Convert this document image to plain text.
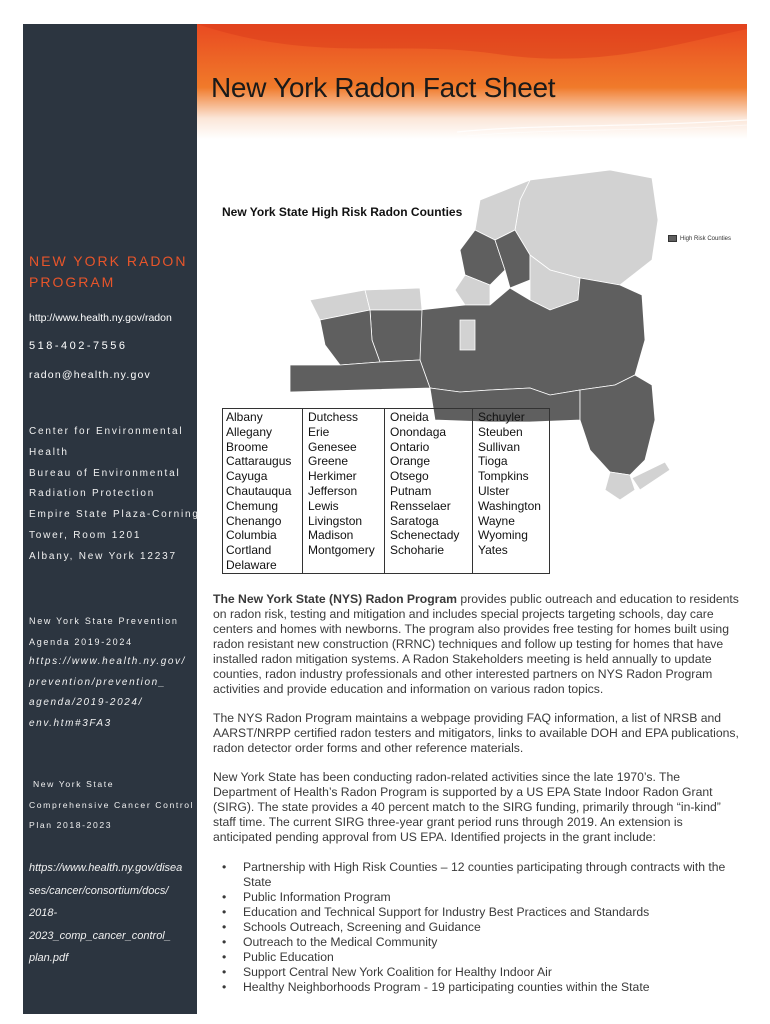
NEW YORK RADON PROGRAM
http://www.health.ny.gov/radon
518-402-7556
radon@health.ny.gov
Center for Environmental
Health
Bureau of Environmental
Radiation Protection
Empire State Plaza-Corning
Tower, Room 1201
Albany, New York 12237
New York State Prevention
Agenda 2019-2024
https://www.health.ny.gov/
prevention/prevention_
agenda/2019-2024/
env.htm#3FA3
New York State
Comprehensive Cancer Control
Plan 2018-2023
https://www.health.ny.gov/disea
ses/cancer/consortium/docs/
2018-
2023_comp_cancer_control_
plan.pdf
New York Radon Fact Sheet
New York State High Risk Radon Counties
High Risk Counties
Albany
Allegany
Broome
Cattaraugus
Cayuga
Chautauqua
Chemung
Chenango
Columbia
Cortland
Delaware
Dutchess
Erie
Genesee
Greene
Herkimer
Jefferson
Lewis
Livingston
Madison
Montgomery
Oneida
Onondaga
Ontario
Orange
Otsego
Putnam
Rensselaer
Saratoga
Schenectady
Schoharie
Schuyler
Steuben
Sullivan
Tioga
Tompkins
Ulster
Washington
Wayne
Wyoming
Yates
The New York State (NYS) Radon Program provides public outreach and education to residents on radon risk, testing and mitigation and includes special projects targeting schools, day care centers and homes with newborns. The program also provides free testing for homes built using radon resistant new construction (RRNC) techniques and follow up testing for homes that have installed radon mitigation systems. A Radon Stakeholders meeting is held annually to update counties, radon industry professionals and other interested partners on NYS Radon Program activities and provide education and information on various radon topics.
The NYS Radon Program maintains a webpage providing FAQ information, a list of NRSB and AARST/NRPP certified radon testers and mitigators, links to available DOH and EPA publications, radon detector order forms and other reference materials.
New York State has been conducting radon-related activities since the late 1970’s. The Department of Health’s Radon Program is supported by a US EPA State Indoor Radon Grant (SIRG). The state provides a 40 percent match to the SIRG funding, primarily through “in-kind” staff time. The current SIRG three-year grant period runs through 2019. An extension is anticipated pending approval from US EPA. Identified projects in the grant include:
• Partnership with High Risk Counties – 12 counties participating through contracts with the State
• Public Information Program
• Education and Technical Support for Industry Best Practices and Standards
• Schools Outreach, Screening and Guidance
• Outreach to the Medical Community
• Public Education
• Support Central New York Coalition for Healthy Indoor Air
• Healthy Neighborhoods Program - 19 participating counties within the State
